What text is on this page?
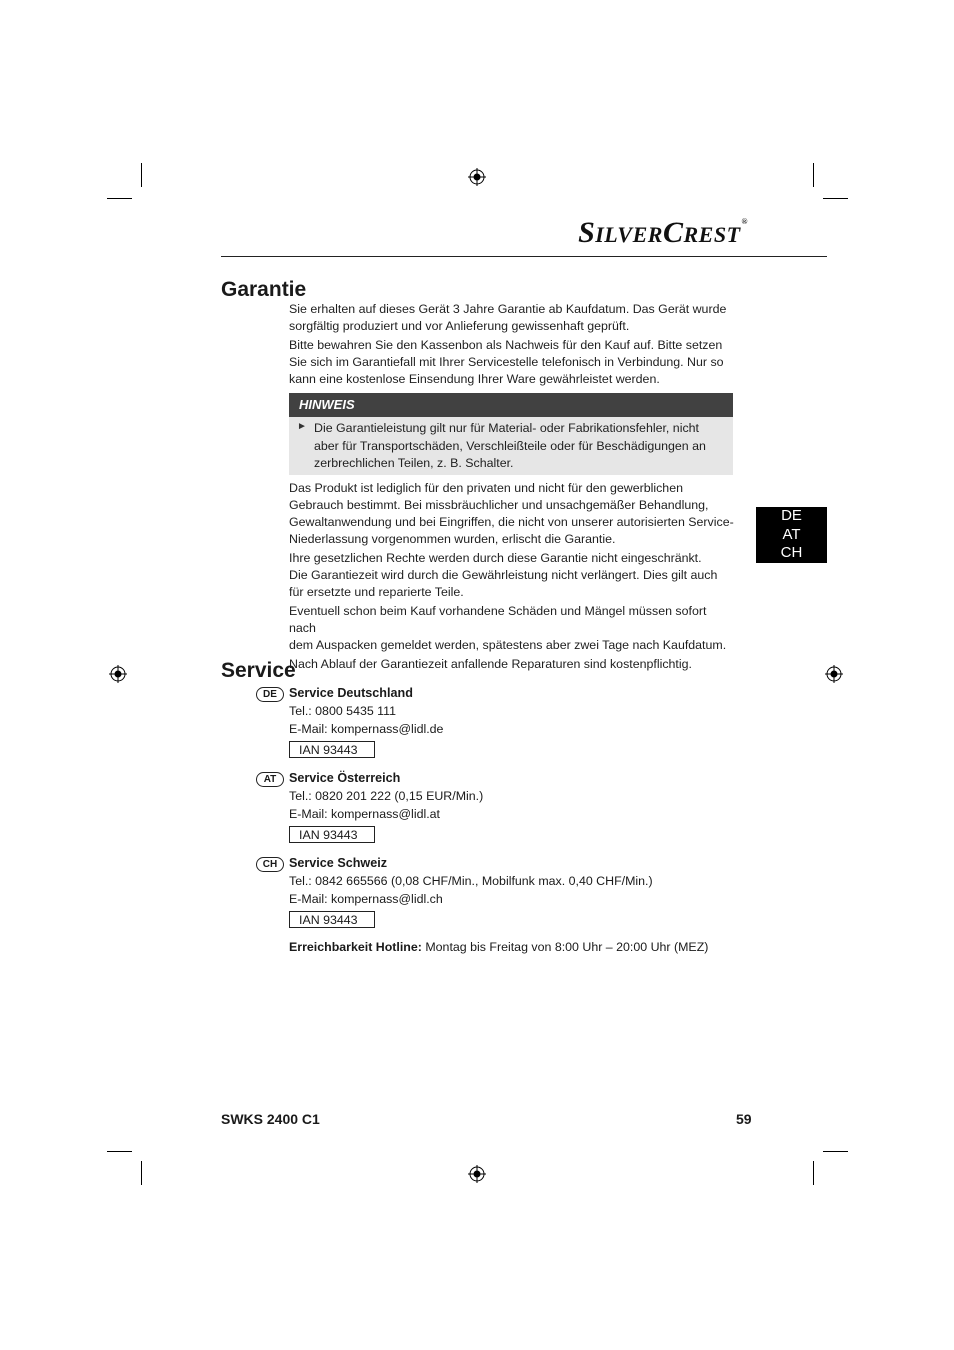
SILVERCREST®
Garantie
Sie erhalten auf dieses Gerät 3 Jahre Garantie ab Kaufdatum. Das Gerät wurde
sorgfältig produziert und vor Anlieferung gewissenhaft geprüft.
Bitte bewahren Sie den Kassenbon als Nachweis für den Kauf auf. Bitte setzen
Sie sich im Garantiefall mit Ihrer Servicestelle telefonisch in Verbindung. Nur so
kann eine kostenlose Einsendung Ihrer Ware gewährleistet werden.
HINWEIS
► Die Garantieleistung gilt nur für Material- oder Fabrikationsfehler, nicht aber für Transportschäden, Verschleißteile oder für Beschädigungen an zerbrechlichen Teilen, z. B. Schalter.
Das Produkt ist lediglich für den privaten und nicht für den gewerblichen
Gebrauch bestimmt. Bei missbräuchlicher und unsachgemäßer Behandlung,
Gewaltanwendung und bei Eingriffen, die nicht von unserer autorisierten Service-
Niederlassung vorgenommen wurden, erlischt die Garantie.
Ihre gesetzlichen Rechte werden durch diese Garantie nicht eingeschränkt.
Die Garantiezeit wird durch die Gewährleistung nicht verlängert. Dies gilt auch
für ersetzte und reparierte Teile.
Eventuell schon beim Kauf vorhandene Schäden und Mängel müssen sofort nach
dem Auspacken gemeldet werden, spätestens aber zwei Tage nach Kaufdatum.
Nach Ablauf der Garantiezeit anfallende Reparaturen sind kostenpflichtig.
DE
AT
CH
Service
DE Service Deutschland
Tel.: 0800 5435 111
E-Mail: kompernass@lidl.de
IAN 93443
AT	Service Österreich
Tel.: 0820 201 222 (0,15 EUR/Min.)
E-Mail: kompernass@lidl.at
IAN 93443
CH Service Schweiz
Tel.: 0842 665566 (0,08 CHF/Min., Mobilfunk max. 0,40 CHF/Min.)
E-Mail: kompernass@lidl.ch
IAN 93443
Erreichbarkeit Hotline: Montag bis Freitag von 8:00 Uhr – 20:00 Uhr (MEZ)
SWKS 2400 C1	59
